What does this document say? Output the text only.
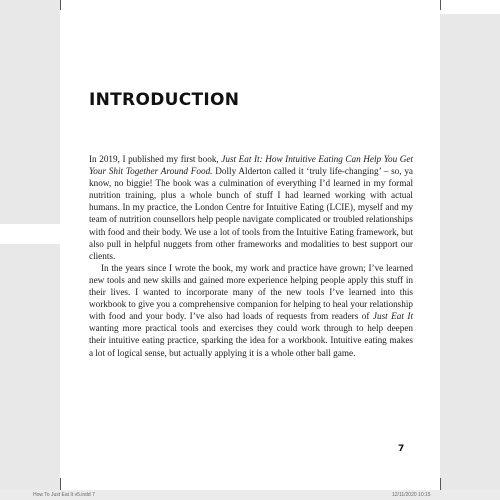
INTRODUCTION

In 2019, I published my first book, Just Eat It: How Intuitive Eating Can Help You Get Your Shit Together Around Food. Dolly Alderton called it ‘truly life-changing’ – so, ya know, no biggie! The book was a culmination of everything I’d learned in my formal nutrition training, plus a whole bunch of stuff I had learned working with actual humans. In my practice, the London Centre for Intuitive Eating (LCIE), myself and my team of nutrition counsellors help people navigate complicated or troubled relationships with food and their body. We use a lot of tools from the Intuitive Eating framework, but also pull in helpful nuggets from other frameworks and modalities to best support our clients.

In the years since I wrote the book, my work and practice have grown; I’ve learned new tools and new skills and gained more experience helping people apply this stuff in their lives. I wanted to incorporate many of the new tools I’ve learned into this workbook to give you a comprehensive companion for helping to heal your relationship with food and your body. I’ve also had loads of requests from readers of Just Eat It wanting more practical tools and exercises they could work through to help deepen their intuitive eating practice, sparking the idea for a workbook. Intuitive eating makes a lot of logical sense, but actually applying it is a whole other ball game.

7
How To Just Eat It v5.indd 7	12/11/2020 10:15
